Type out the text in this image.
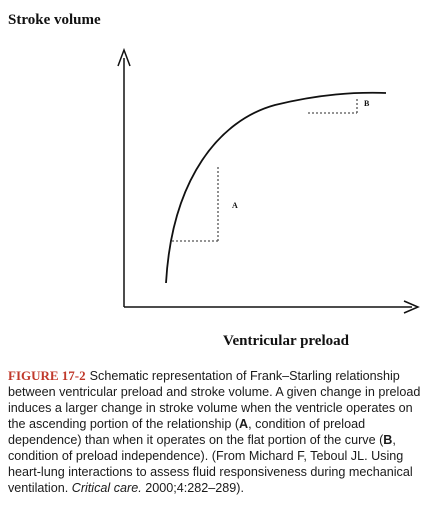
Stroke volume
A
B
Ventricular preload

FIGURE 17-2 Schematic representation of Frank–Starling relationship between ventricular preload and stroke volume. A given change in preload induces a larger change in stroke volume when the ventricle operates on the ascending portion of the relationship (A, condition of preload dependence) than when it operates on the flat portion of the curve (B, condition of preload independence). (From Michard F, Teboul JL. Using heart-lung interactions to assess fluid responsiveness during mechanical ventilation. Critical care. 2000;4:282–289).
